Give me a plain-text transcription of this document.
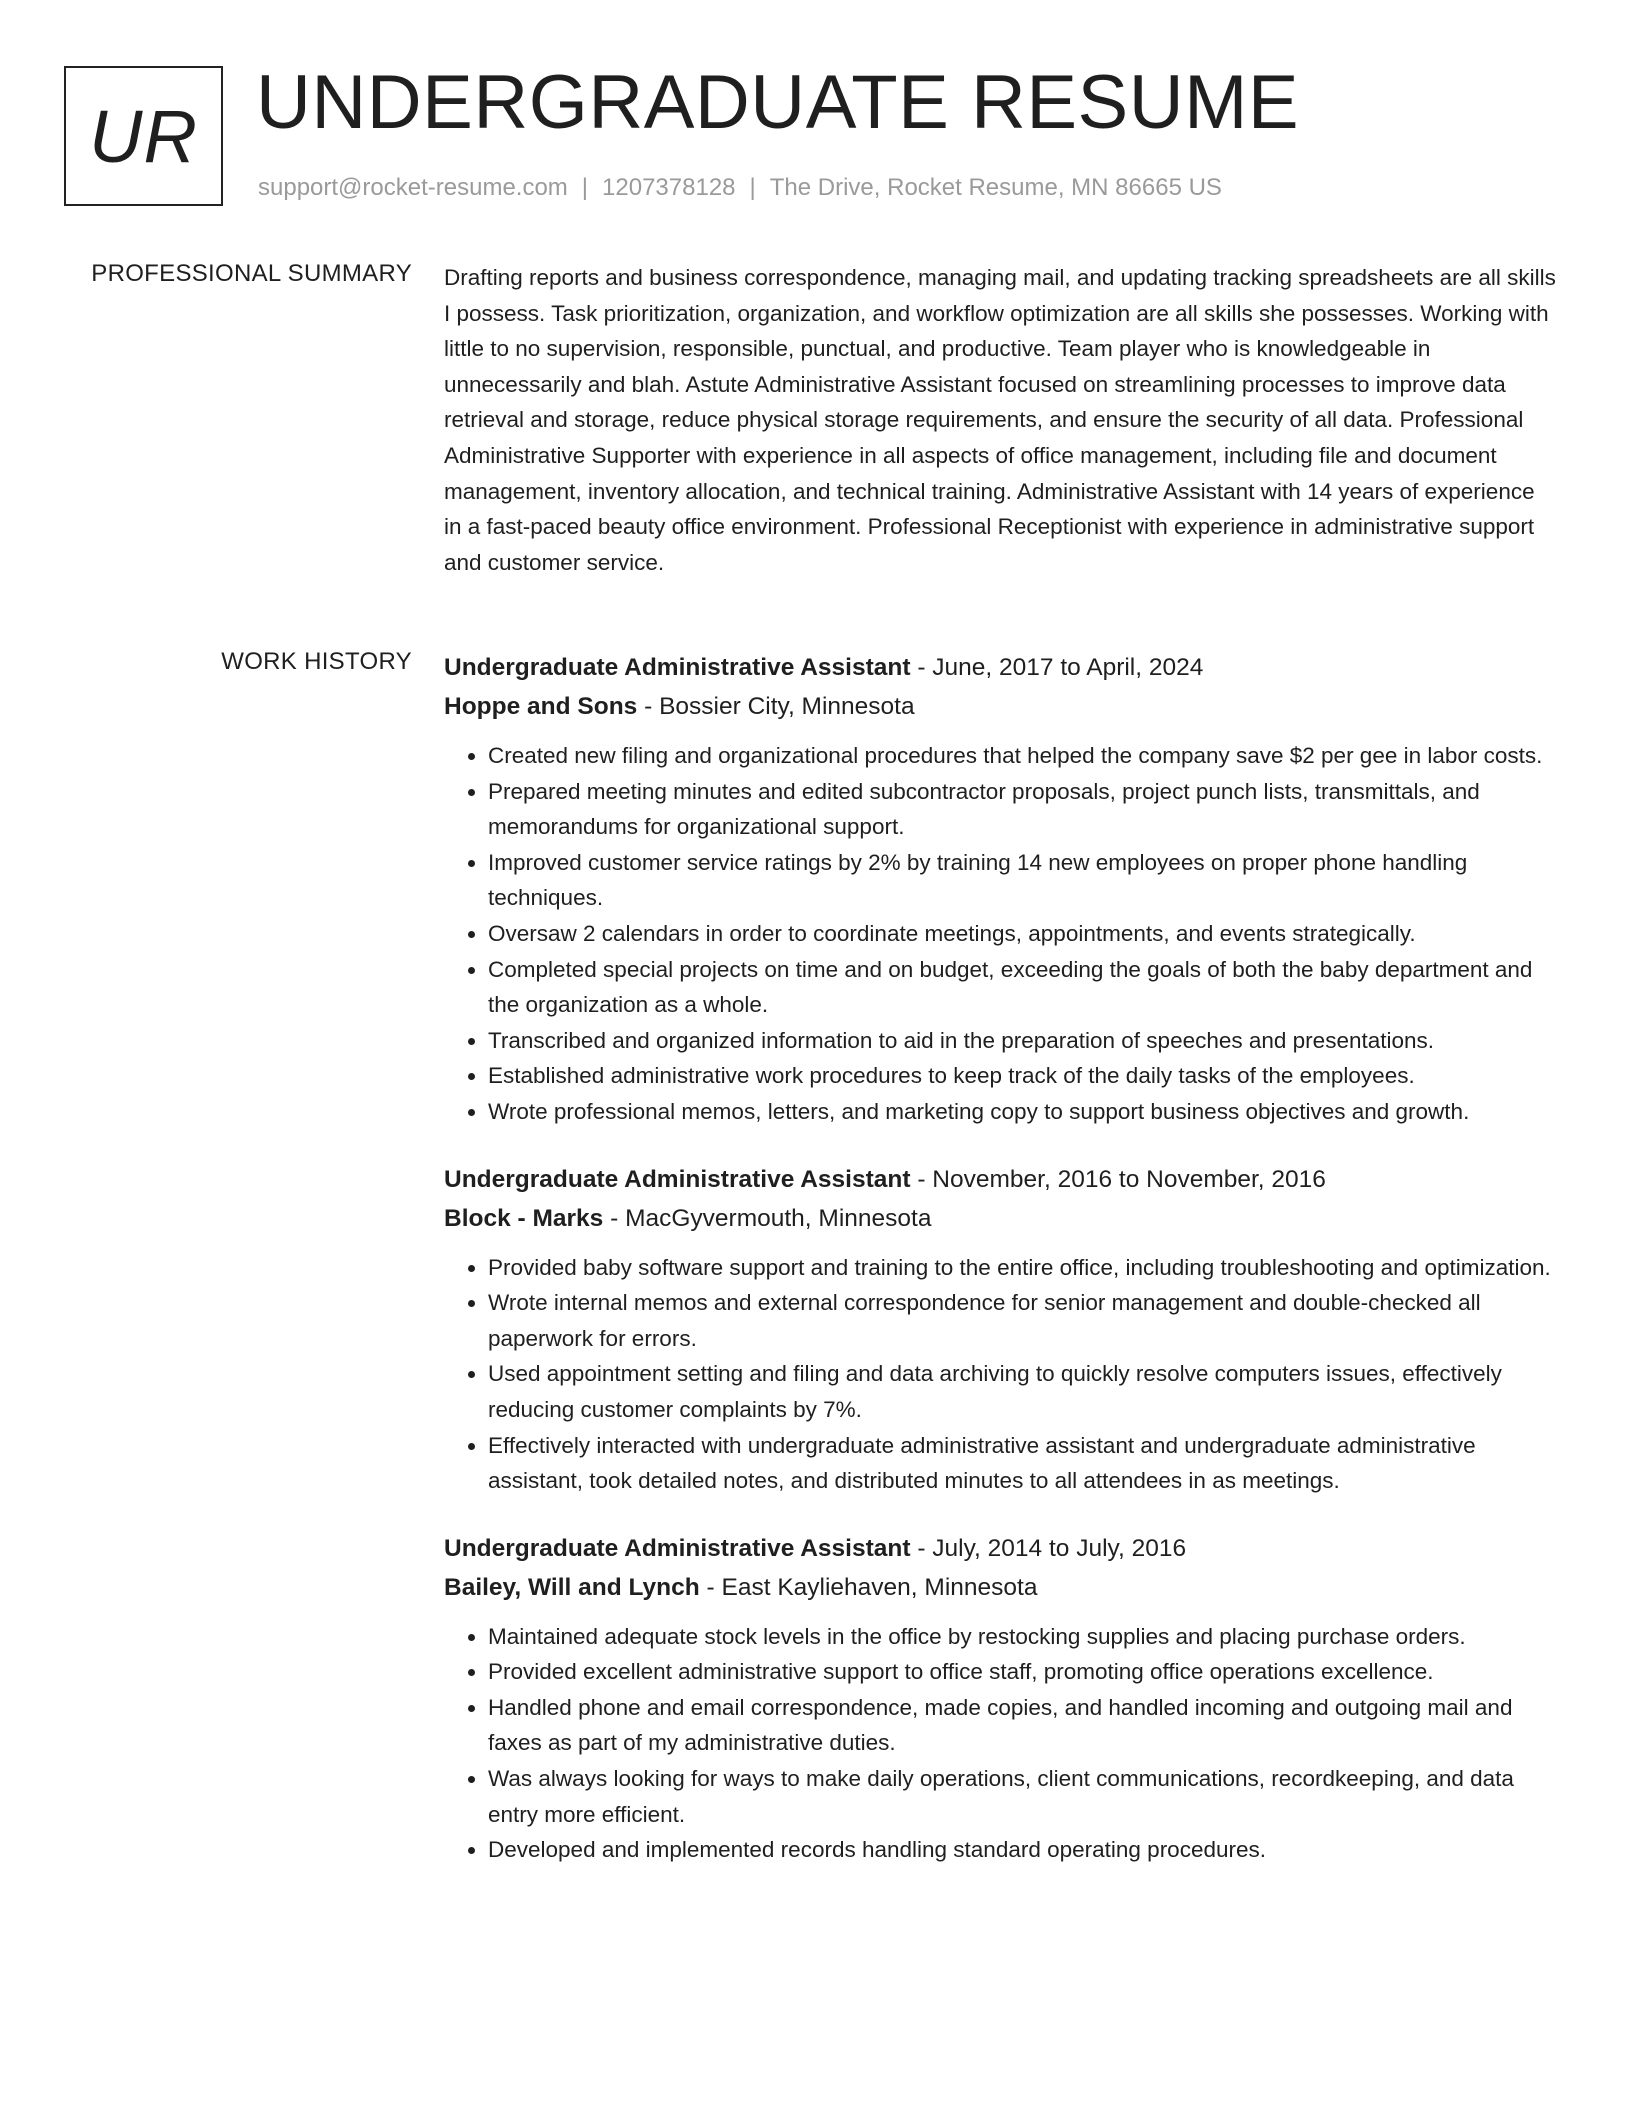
UR UNDERGRADUATE RESUME
support@rocket-resume.com | 1207378128 | The Drive, Rocket Resume, MN 86665 US
PROFESSIONAL SUMMARY Drafting reports and business correspondence, managing mail, and updating tracking spreadsheets are all skills I possess. Task prioritization, organization, and workflow optimization are all skills she possesses. Working with little to no supervision, responsible, punctual, and productive. Team player who is knowledgeable in unnecessarily and blah. Astute Administrative Assistant focused on streamlining processes to improve data retrieval and storage, reduce physical storage requirements, and ensure the security of all data. Professional Administrative Supporter with experience in all aspects of office management, including file and document management, inventory allocation, and technical training. Administrative Assistant with 14 years of experience in a fast-paced beauty office environment. Professional Receptionist with experience in administrative support and customer service.

WORK HISTORY Undergraduate Administrative Assistant - June, 2017 to April, 2024
Hoppe and Sons - Bossier City, Minnesota
• Created new filing and organizational procedures that helped the company save $2 per gee in labor costs.
• Prepared meeting minutes and edited subcontractor proposals, project punch lists, transmittals, and memorandums for organizational support.
• Improved customer service ratings by 2% by training 14 new employees on proper phone handling techniques.
• Oversaw 2 calendars in order to coordinate meetings, appointments, and events strategically.
• Completed special projects on time and on budget, exceeding the goals of both the baby department and the organization as a whole.
• Transcribed and organized information to aid in the preparation of speeches and presentations.
• Established administrative work procedures to keep track of the daily tasks of the employees.
• Wrote professional memos, letters, and marketing copy to support business objectives and growth.
Undergraduate Administrative Assistant - November, 2016 to November, 2016
Block - Marks - MacGyvermouth, Minnesota
• Provided baby software support and training to the entire office, including troubleshooting and optimization.
• Wrote internal memos and external correspondence for senior management and double-checked all paperwork for errors.
• Used appointment setting and filing and data archiving to quickly resolve computers issues, effectively reducing customer complaints by 7%.
• Effectively interacted with undergraduate administrative assistant and undergraduate administrative assistant, took detailed notes, and distributed minutes to all attendees in as meetings.
Undergraduate Administrative Assistant - July, 2014 to July, 2016
Bailey, Will and Lynch - East Kayliehaven, Minnesota
• Maintained adequate stock levels in the office by restocking supplies and placing purchase orders.
• Provided excellent administrative support to office staff, promoting office operations excellence.
• Handled phone and email correspondence, made copies, and handled incoming and outgoing mail and faxes as part of my administrative duties.
• Was always looking for ways to make daily operations, client communications, recordkeeping, and data entry more efficient.
• Developed and implemented records handling standard operating procedures.
